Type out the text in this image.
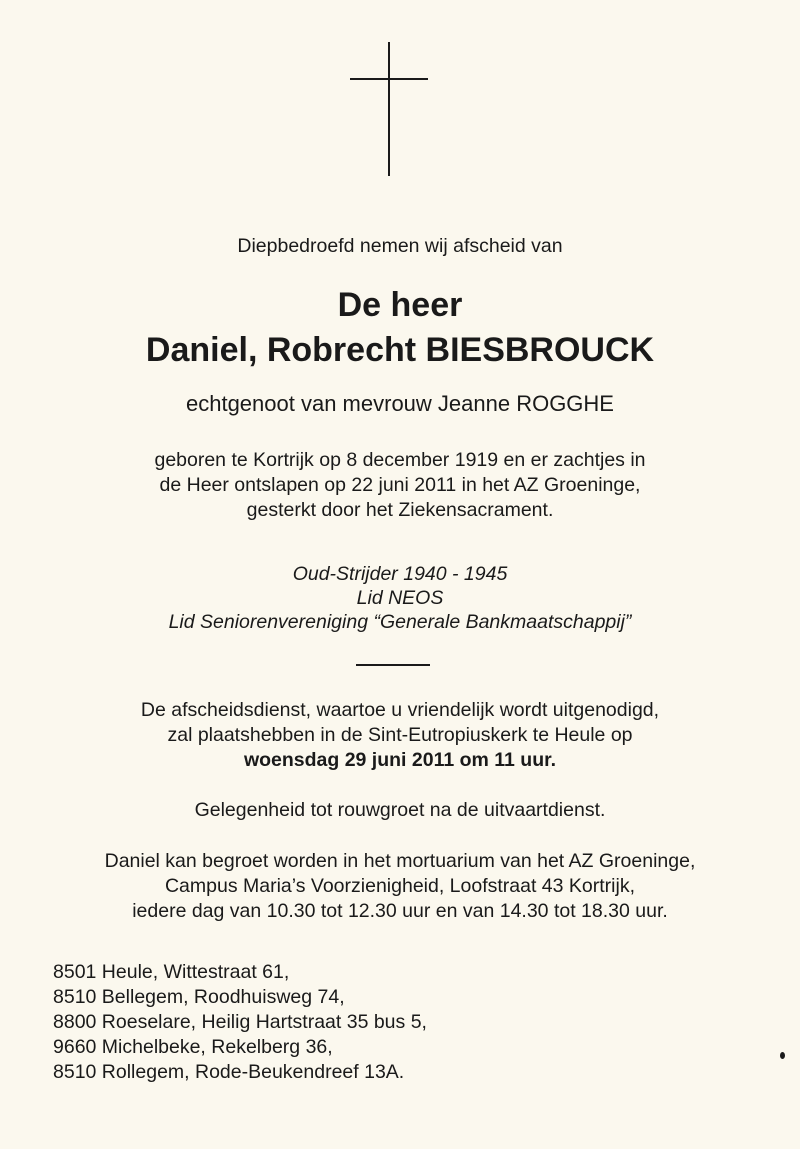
Diepbedroefd nemen wij afscheid van
De heer
Daniel, Robrecht BIESBROUCK
echtgenoot van mevrouw Jeanne ROGGHE
geboren te Kortrijk op 8 december 1919 en er zachtjes in
de Heer ontslapen op 22 juni 2011 in het AZ Groeninge,
gesterkt door het Ziekensacrament.
Oud-Strijder 1940 - 1945
Lid NEOS
Lid Seniorenvereniging “Generale Bankmaatschappij”
De afscheidsdienst, waartoe u vriendelijk wordt uitgenodigd,
zal plaatshebben in de Sint-Eutropiuskerk te Heule op
woensdag 29 juni 2011 om 11 uur.
Gelegenheid tot rouwgroet na de uitvaartdienst.
Daniel kan begroet worden in het mortuarium van het AZ Groeninge,
Campus Maria’s Voorzienigheid, Loofstraat 43 Kortrijk,
iedere dag van 10.30 tot 12.30 uur en van 14.30 tot 18.30 uur.
8501 Heule, Wittestraat 61,
8510 Bellegem, Roodhuisweg 74,
8800 Roeselare, Heilig Hartstraat 35 bus 5,
9660 Michelbeke, Rekelberg 36,
8510 Rollegem, Rode-Beukendreef 13A.
